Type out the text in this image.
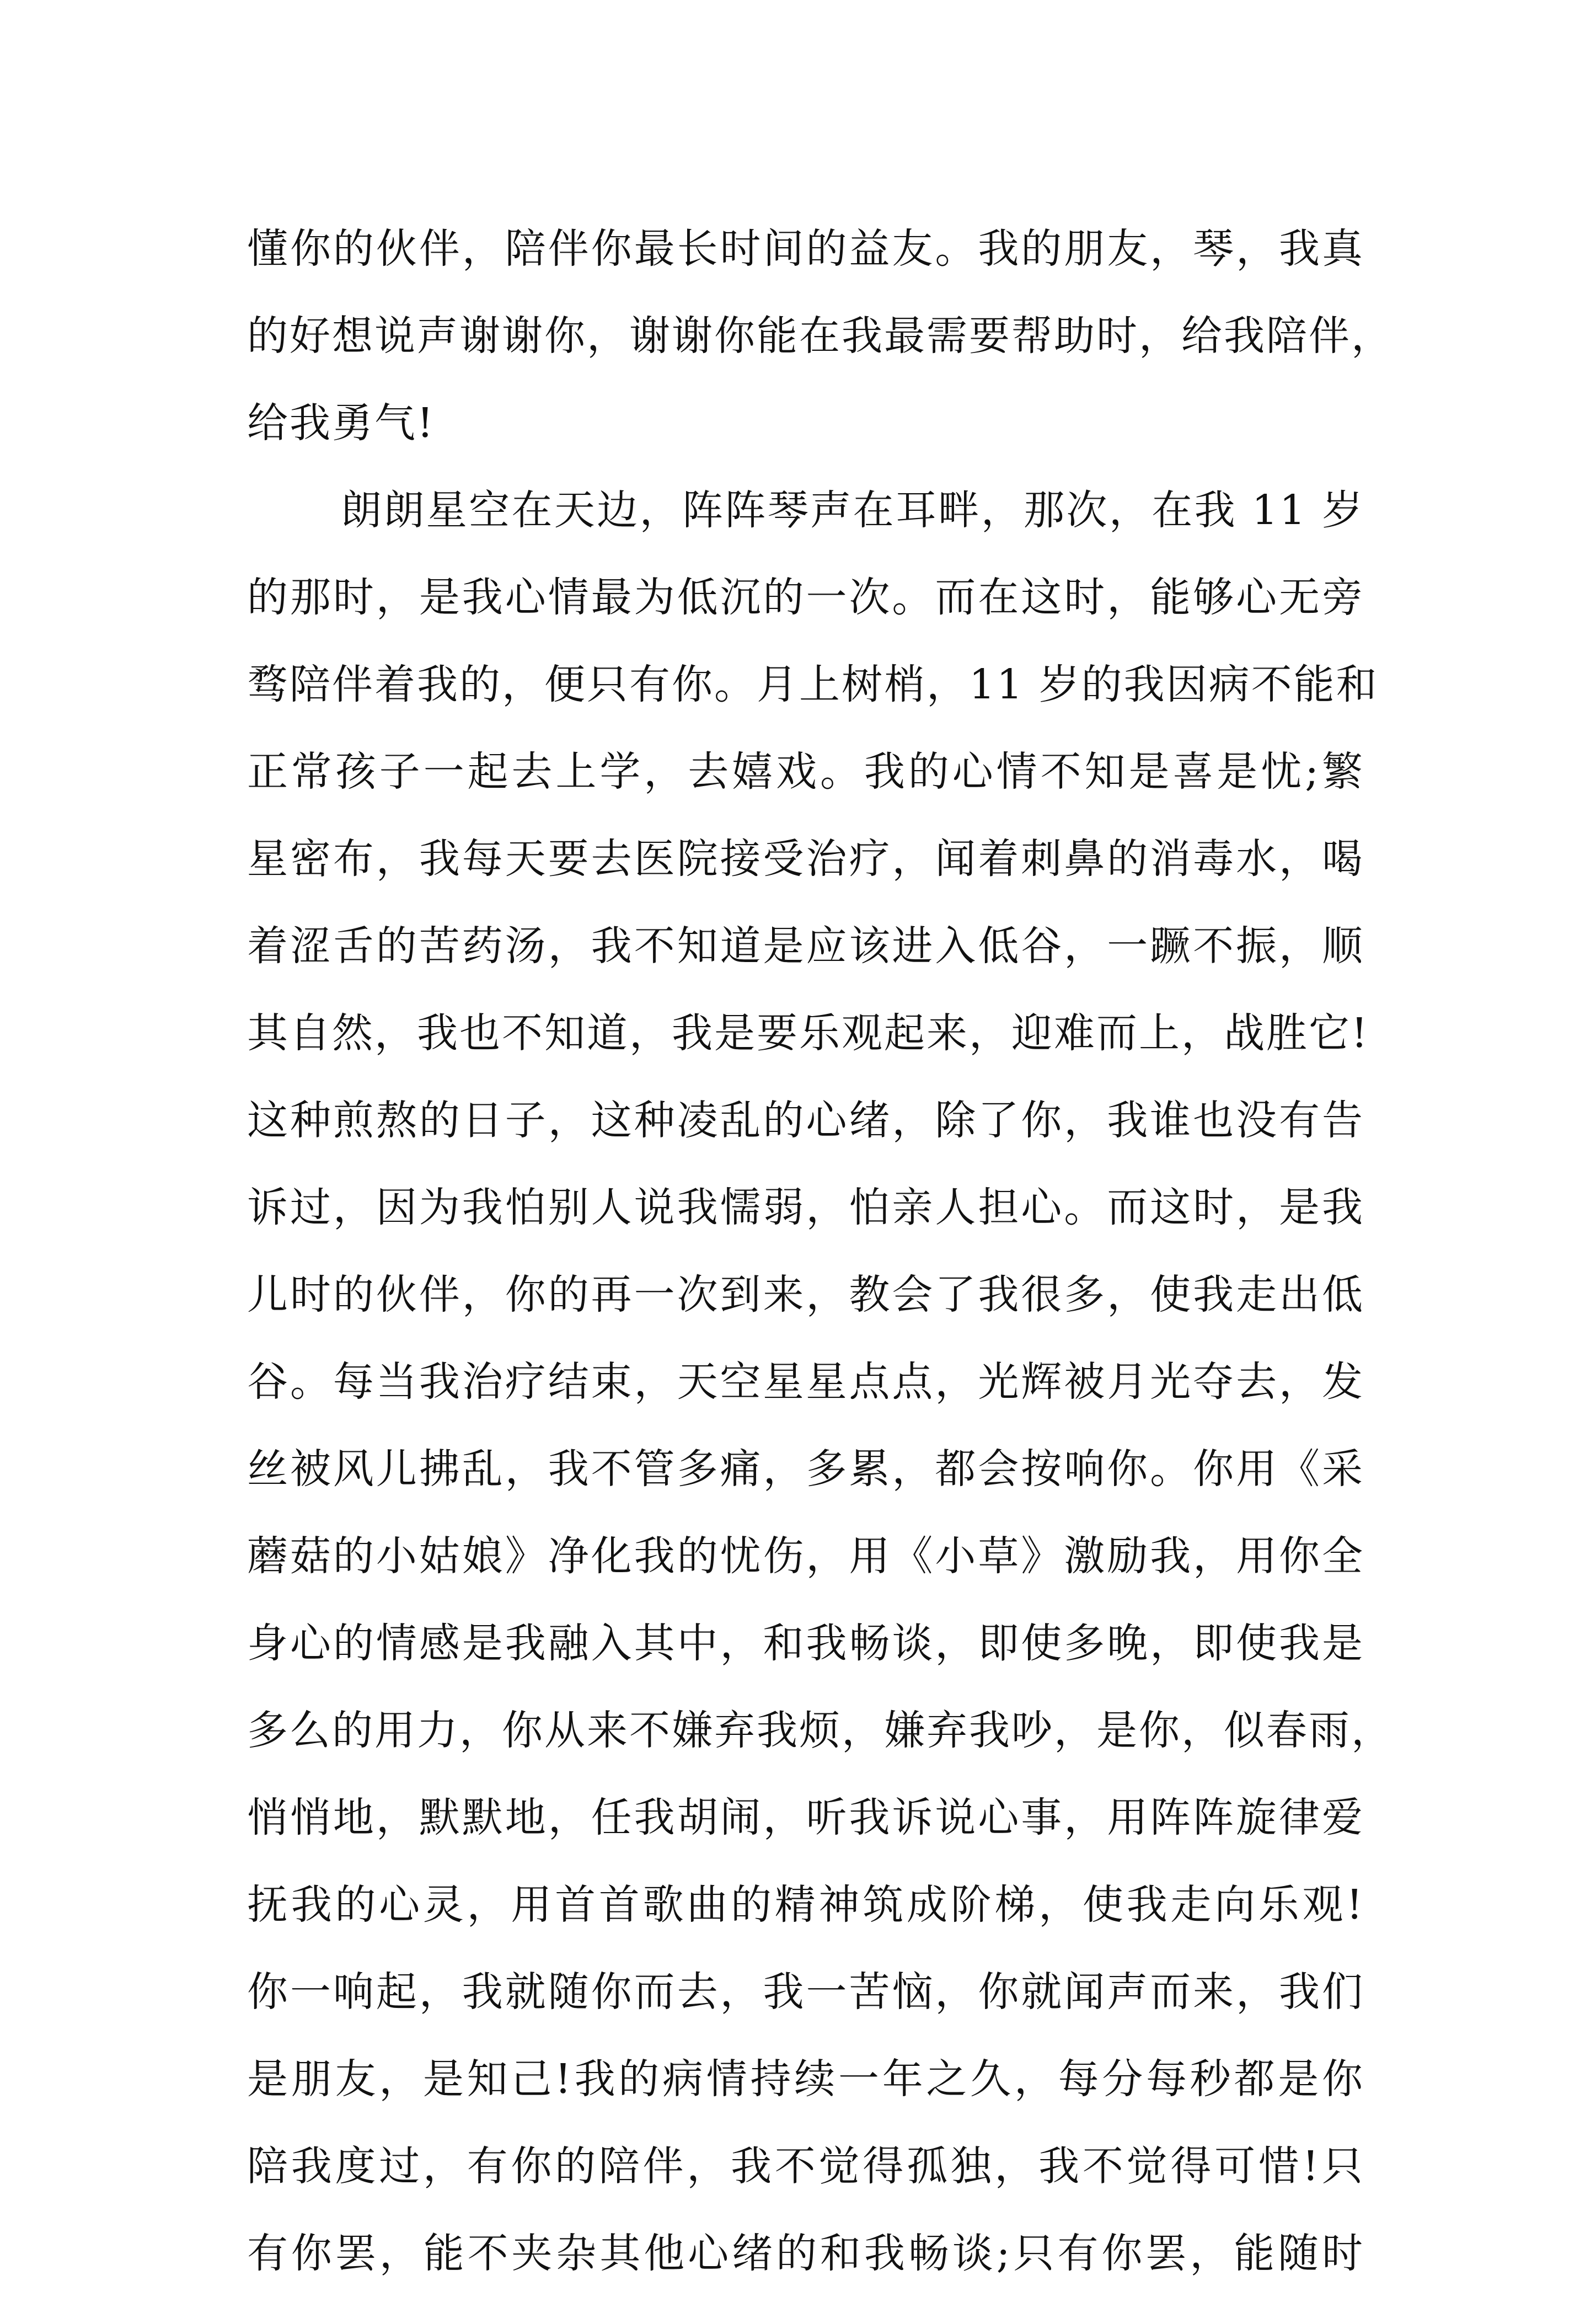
懂你的伙伴，陪伴你最长时间的益友。我的朋友，琴，我真
的好想说声谢谢你，谢谢你能在我最需要帮助时，给我陪伴，
给我勇气!
朗朗星空在天边，阵阵琴声在耳畔，那次，在我 11 岁
的那时，是我心情最为低沉的一次。而在这时，能够心无旁
骛陪伴着我的，便只有你。月上树梢，11 岁的我因病不能和
正常孩子一起去上学，去嬉戏。我的心情不知是喜是忧;繁
星密布，我每天要去医院接受治疗，闻着刺鼻的消毒水，喝
着涩舌的苦药汤，我不知道是应该进入低谷，一蹶不振，顺
其自然，我也不知道，我是要乐观起来，迎难而上，战胜它!
这种煎熬的日子，这种凌乱的心绪，除了你，我谁也没有告
诉过，因为我怕别人说我懦弱，怕亲人担心。而这时，是我
儿时的伙伴，你的再一次到来，教会了我很多，使我走出低
谷。每当我治疗结束，天空星星点点，光辉被月光夺去，发
丝被风儿拂乱，我不管多痛，多累，都会按响你。你用《采
蘑菇的小姑娘》净化我的忧伤，用《小草》激励我，用你全
身心的情感是我融入其中，和我畅谈，即使多晚，即使我是
多么的用力，你从来不嫌弃我烦，嫌弃我吵，是你，似春雨，
悄悄地，默默地，任我胡闹，听我诉说心事，用阵阵旋律爱
抚我的心灵，用首首歌曲的精神筑成阶梯，使我走向乐观!
你一响起，我就随你而去，我一苦恼，你就闻声而来，我们
是朋友，是知己!我的病情持续一年之久，每分每秒都是你
陪我度过，有你的陪伴，我不觉得孤独，我不觉得可惜!只
有你罢，能不夹杂其他心绪的和我畅谈;只有你罢，能随时
